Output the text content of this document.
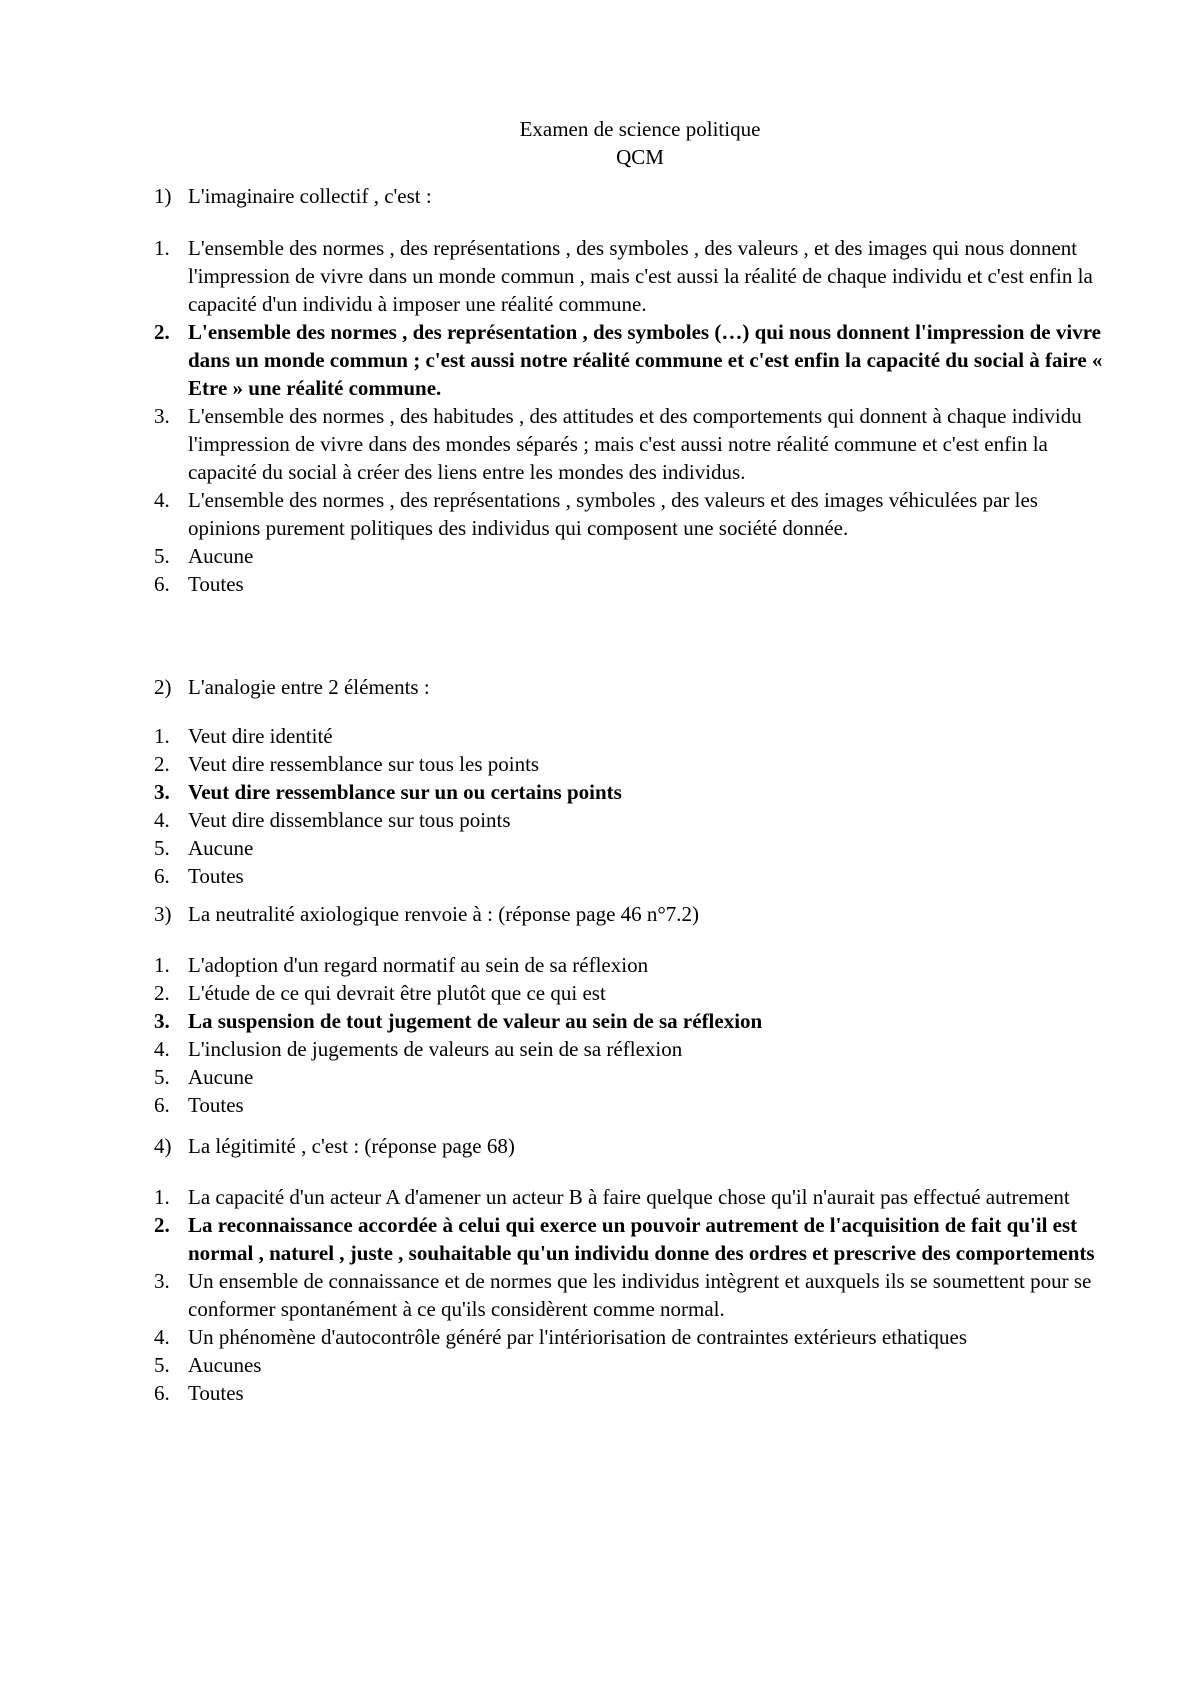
Examen de science politique
QCM
1) L'imaginaire collectif , c'est :
1. L'ensemble des normes , des représentations , des symboles , des valeurs , et des images qui nous donnent l'impression de vivre dans un monde commun , mais c'est aussi la réalité de chaque individu et c'est enfin la capacité d'un individu à imposer une réalité commune.
2. L'ensemble des normes , des représentation , des symboles (…) qui nous donnent l'impression de vivre dans un monde commun ; c'est aussi notre réalité commune et c'est enfin la capacité du social à faire « Etre » une réalité commune.
3. L'ensemble des normes , des habitudes , des attitudes et des comportements qui donnent à chaque individu l'impression de vivre dans des mondes séparés ; mais c'est aussi notre réalité commune et c'est enfin la capacité du social à créer des liens entre les mondes des individus.
4. L'ensemble des normes , des représentations , symboles , des valeurs et des images véhiculées par les opinions purement politiques des individus qui composent une société donnée.
5. Aucune
6. Toutes
2) L'analogie entre 2 éléments :
1. Veut dire identité
2. Veut dire ressemblance sur tous les points
3. Veut dire ressemblance sur un ou certains points
4. Veut dire dissemblance sur tous points
5. Aucune
6. Toutes
3) La neutralité axiologique renvoie à : (réponse page 46 n°7.2)
1. L'adoption d'un regard normatif au sein de sa réflexion
2. L'étude de ce qui devrait être plutôt que ce qui est
3. La suspension de tout jugement de valeur au sein de sa réflexion
4. L'inclusion de jugements de valeurs au sein de sa réflexion
5. Aucune
6. Toutes
4) La légitimité , c'est : (réponse page 68)
1. La capacité d'un acteur A d'amener un acteur B à faire quelque chose qu'il n'aurait pas effectué autrement
2. La reconnaissance accordée à celui qui exerce un pouvoir autrement de l'acquisition de fait qu'il est normal , naturel , juste , souhaitable qu'un individu donne des ordres et prescrive des comportements
3. Un ensemble de connaissance et de normes que les individus intègrent et auxquels ils se soumettent pour se conformer spontanément à ce qu'ils considèrent comme normal.
4. Un phénomène d'autocontrôle généré par l'intériorisation de contraintes extérieurs ethatiques
5. Aucunes
6. Toutes
